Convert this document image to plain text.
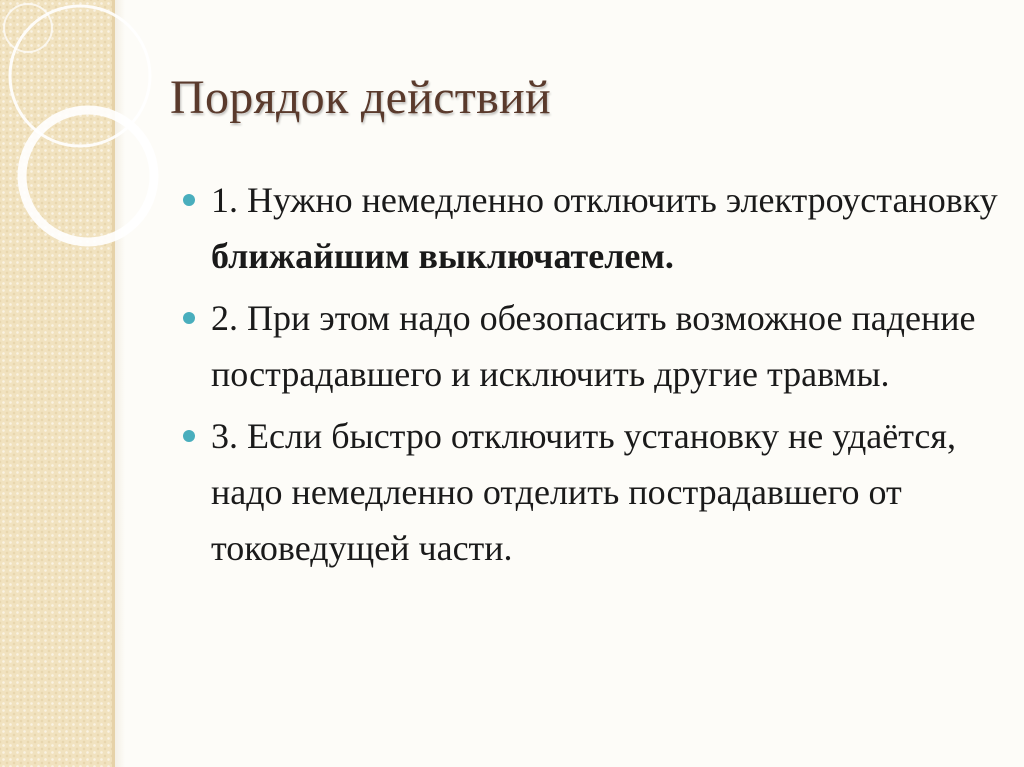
Порядок действий
1. Нужно немедленно отключить электроустановку ближайшим выключателем.
2. При этом надо обезопасить возможное падение пострадавшего и исключить другие травмы.
3. Если быстро отключить установку не удаётся, надо немедленно отделить пострадавшего от токоведущей части.
